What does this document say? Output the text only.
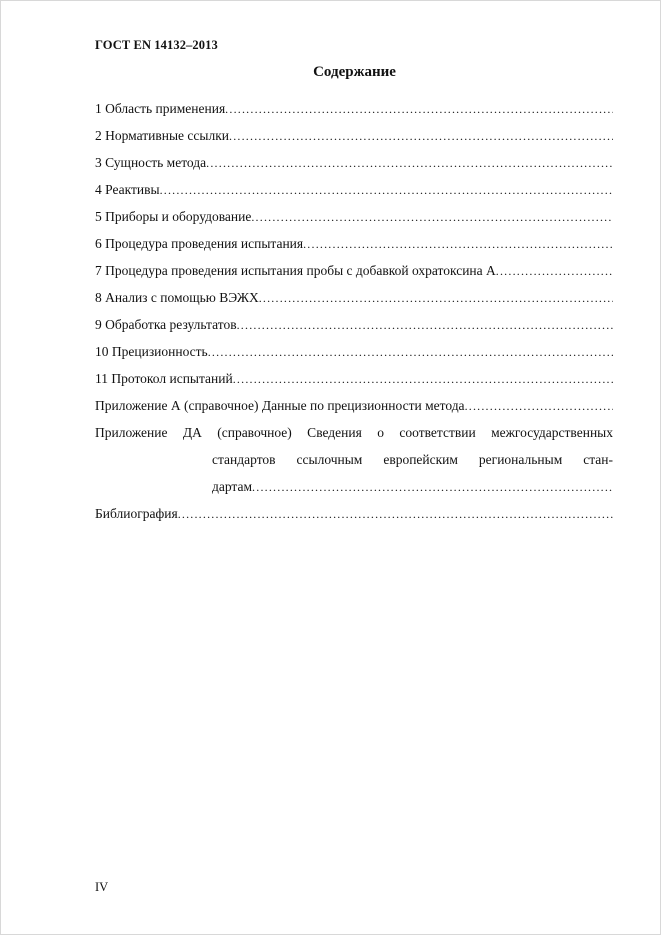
ГОСТ EN 14132–2013
Содержание
1 Область применения
.....
2 Нормативные ссылки
.....
3 Сущность метода
.....
4 Реактивы
.....
5 Приборы и оборудование
.....
6 Процедура проведения испытания
.....
7 Процедура проведения испытания пробы с добавкой охратоксина А
.....
8 Анализ с помощью ВЭЖХ
.....
9 Обработка результатов
.....
10 Прецизионность
.....
11 Протокол испытаний
.....
Приложение А (справочное) Данные по прецизионности метода
.....
Приложение ДА (справочное) Сведения о соответствии межгосударственных
стандартов ссылочным европейским региональным стан-
дартам
.....
Библиография
.....
IV
